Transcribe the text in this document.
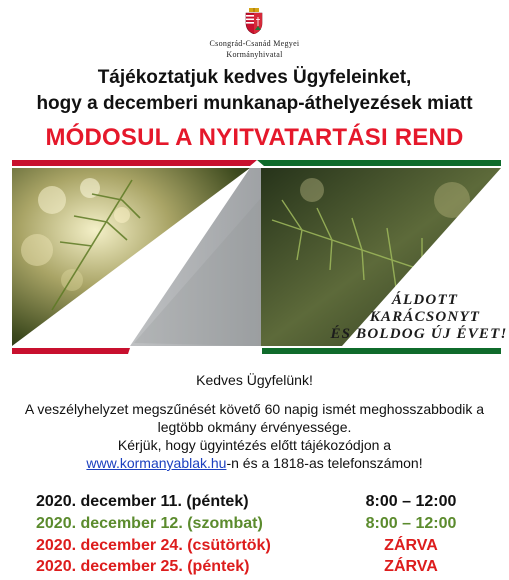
Csongrád-Csanád Megyei
Kormányhivatal
Tájékoztatjuk kedves Ügyfeleinket,
hogy a decemberi munkanap-áthelyezések miatt
MÓDOSUL A NYITVATARTÁSI REND
ÁLDOTT
KARÁCSONYT
ÉS BOLDOG ÚJ ÉVET!
Kedves Ügyfelünk!
A veszélyhelyzet megszűnését követő 60 napig ismét meghosszabbodik a
legtöbb okmány érvényessége.
Kérjük, hogy ügyintézés előtt tájékozódjon a
www.kormanyablak.hu-n és a 1818-as telefonszámon!
2020. december 11. (péntek)	8:00 – 12:00
2020. december 12. (szombat)	8:00 – 12:00
2020. december 24. (csütörtök)	ZÁRVA
2020. december 25. (péntek)	ZÁRVA
